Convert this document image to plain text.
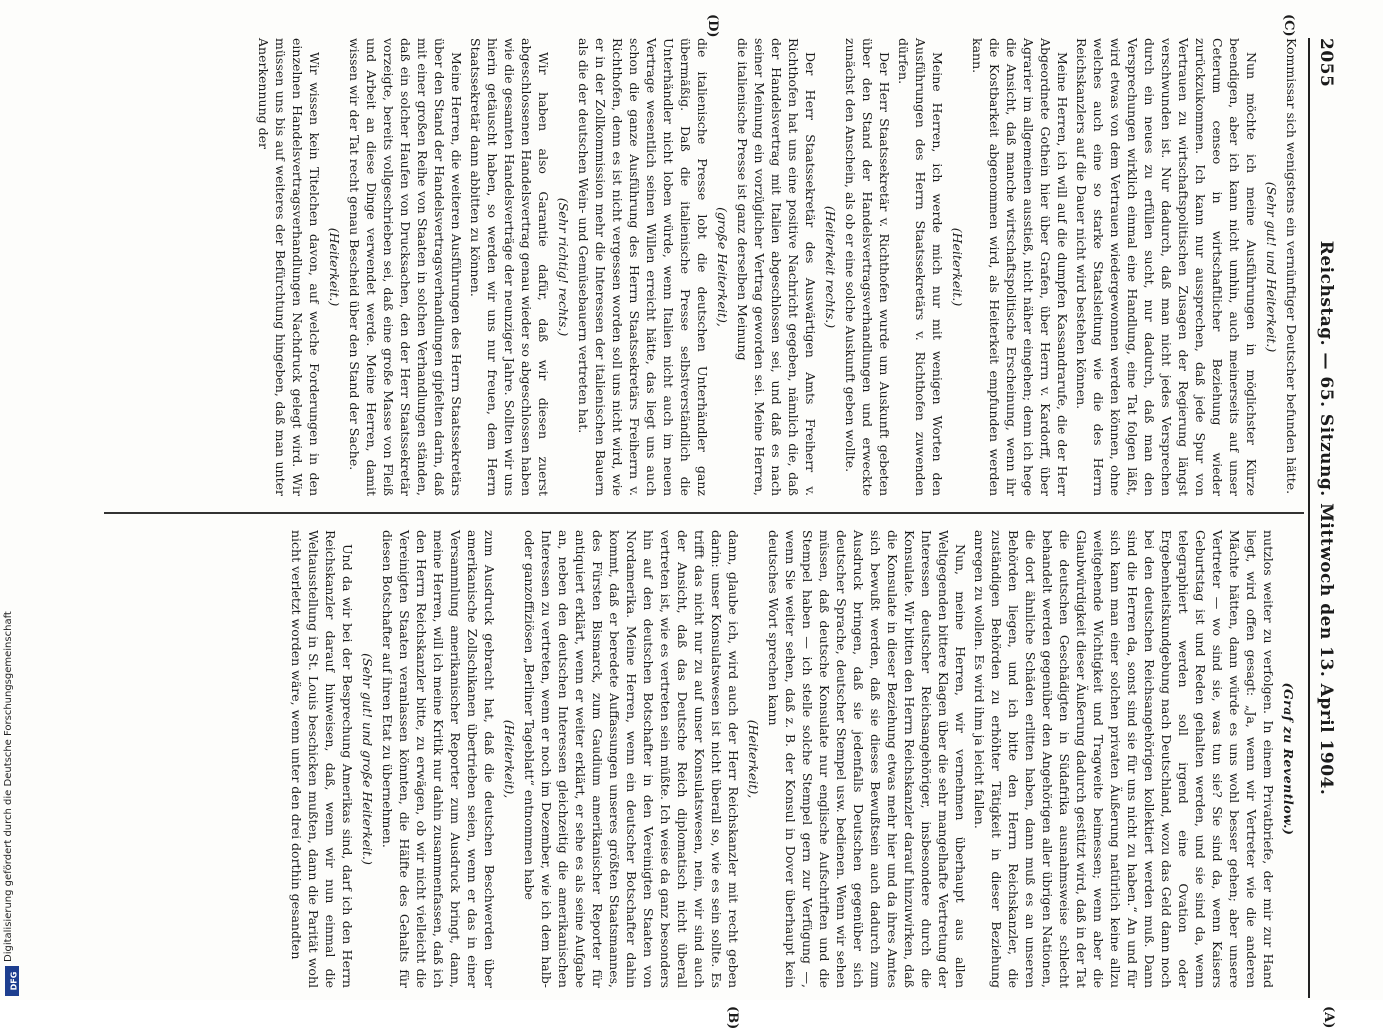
Digitalisierung gefördert durch die Deutsche Forschungsgemeinschaft
DFG
2055
Reichstag. — 65. Sitzung. Mittwoch den 13. April 1904.
(C)
(D)
(A)
(B)

Kommissar sich wenigstens ein vernünftiger Deutscher befunden hätte.

(Sehr gut! und Heiterkeit.)

Nun möchte ich meine Ausführungen in möglichster Kürze beendigen, aber ich kann nicht umhin, auch meinerseits auf unser Ceterum censeo in wirtschaftlicher Beziehung wieder zurückzukommen. Ich kann nur aussprechen, daß jede Spur von Vertrauen zu wirtschaftspolitischen Zusagen der Regierung längst verschwunden ist. Nur dadurch, daß man nicht jedes Versprechen durch ein neues zu erfüllen sucht, nur dadurch, daß man den Versprechungen wirklich einmal eine Handlung, eine Tat folgen läßt, wird etwas von dem Vertrauen wiedergewonnen werden können, ohne welches auch eine so starke Staatsleitung wie die des Herrn Reichskanzlers auf die Dauer nicht wird bestehen können.

Meine Herren, ich will auf die dumpfen Kassandrarufe, die der Herr Abgeordnete Gothein hier über Grafen, über Herrn v. Kardorff, über Agrarier im allgemeinen ausstieß, nicht näher eingehen; denn ich hege die Ansicht, daß manche wirtschaftspolitische Erscheinung, wenn ihr die Kostbarkeit abgenommen wird, als Heiterkeit empfunden werden kann.

(Heiterkeit.)

Meine Herren, ich werde mich nur mit wenigen Worten den Ausführungen des Herrn Staatssekretärs v. Richthofen zuwenden dürfen.

Der Herr Staatssekretär v. Richthofen wurde um Auskunft gebeten über den Stand der Handelsvertragsverhandlungen und erweckte zunächst den Anschein, als ob er eine solche Auskunft geben wollte.

(Heiterkeit rechts.)

Der Herr Staatssekretär des Auswärtigen Amts Freiherr v. Richthofen hat uns eine positive Nachricht gegeben, nämlich die, daß der Handelsvertrag mit Italien abgeschlossen sei, und daß es nach seiner Meinung ein vorzüglicher Vertrag geworden sei. Meine Herren, die italienische Presse ist ganz derselben Meinung

(große Heiterkeit),

die italienische Presse lobt die deutschen Unterhändler ganz übermäßig. Daß die italienische Presse selbstverständlich die Unterhändler nicht loben würde, wenn Italien nicht auch im neuen Vertrage wesentlich seinen Willen erreicht hätte, das liegt uns auch schon die ganze Ausführung des Herrn Staatssekretärs Freiherrn v. Richthofen, denn es ist nicht vergessen worden soll uns nicht wird, wie er in der Zollkommission mehr die Interessen der italienischen Bauern als die der deutschen Wein- und Gemüsebauern vertreten hat.

(Sehr richtig! rechts.)

Wir haben also Garantie dafür, daß wir diesen zuerst abgeschlossenen Handelsvertrag genau wieder so abgeschlossen haben wie die gesamten Handelsverträge der neunziger Jahre. Sollten wir uns hierin getäuscht haben, so werden wir uns nur freuen, dem Herrn Staatssekretär dann abbitten zu können.

Meine Herren, die weiteren Ausführungen des Herrn Staatssekretärs über den Stand der Handelsvertragsverhandlungen gipfelten darin, daß mit einer großen Reihe von Staaten in solchen Verhandlungen ständen, daß ein solcher Haufen von Drucksachen, den der Herr Staatssekretär vorzeigte, bereits vollgeschrieben sei, daß eine große Masse von Fleiß und Arbeit an diese Dinge verwendet werde. Meine Herren, damit wissen wir der Tat recht genau Bescheid über den Stand der Sache.

(Heiterkeit.)

Wir wissen kein Titelchen davon, auf welche Forderungen in den einzelnen Handelsvertragsverhandlungen Nachdruck gelegt wird. Wir müssen uns bis auf weiteres der Befürchtung hingeben, daß man unter Anerkennung der

(Graf zu Reventlow.)

nutzlos weiter zu verfolgen. In einem Privatbriefe, der mir zur Hand liegt, wird offen gesagt: „Ja, wenn wir Vertreter wie die anderen Mächte hätten, dann würde es uns wohl besser gehen; aber unsere Vertreter — wo sind sie, was tun sie? Sie sind da, wenn Kaisers Geburtstag ist und Reden gehalten werden, und sie sind da, wenn telegraphiert werden soll irgend eine Ovation oder Ergebenheitskundgebung nach Deutschland, wozu das Geld dann noch bei den deutschen Reichsangehörigen kollektiert werden muß. Dann sind die Herren da, sonst sind sie für uns nicht zu haben.“ An und für sich kann man einer solchen privaten Äußerung natürlich keine allzu weitgehende Wichtigkeit und Tragweite beimessen; wenn aber die Glaubwürdigkeit dieser Äußerung dadurch gestützt wird, daß in der Tat die deutschen Geschädigten in Südafrika ausnahmsweise schlecht behandelt werden gegenüber den Angehörigen aller übrigen Nationen, die dort ähnliche Schäden erlitten haben, dann muß es an unseren Behörden liegen, und ich bitte den Herrn Reichskanzler, die zuständigen Behörden zu erhöhter Tätigkeit in dieser Beziehung anregen zu wollen. Es wird ihm ja leicht fallen.

Nun, meine Herren, wir vernehmen überhaupt aus allen Weltgegenden bittere Klagen über die sehr mangelhafte Vertretung der Interessen deutscher Reichsangehöriger, insbesondere durch die Konsulate. Wir bitten den Herrn Reichskanzler darauf hinzuwirken, daß die Konsulate in dieser Beziehung etwas mehr hier und da ihres Amtes sich bewußt werden, daß sie dieses Bewußtsein auch dadurch zum Ausdruck bringen, daß sie jedenfalls Deutschen gegenüber sich deutscher Sprache, deutscher Stempel usw. bedienen. Wenn wir sehen müssen, daß deutsche Konsulate nur englische Aufschriften und die Stempel haben — ich stelle solche Stempel gern zur Verfügung —, wenn Sie weiter sehen, daß z. B. der Konsul in Dover überhaupt kein deutsches Wort sprechen kann

(Heiterkeit),

dann, glaube ich, wird auch der Herr Reichskanzler mit recht geben darin: unser Konsulatswesen ist nicht überall so, wie es sein sollte. Es trifft das nicht nur zu auf unser Konsulatswesen, nein, wir sind auch der Ansicht, daß das Deutsche Reich diplomatisch nicht überall vertreten ist, wie es vertreten sein müßte. Ich weise da ganz besonders hin auf den deutschen Botschafter in den Vereinigten Staaten von Nordamerika. Meine Herren, wenn ein deutscher Botschafter dahin kommt, daß er beredete Auffassungen unseres größten Staatsmannes, des Fürsten Bismarck, zum Gaudium amerikanischer Reporter für antiquiert erklärt, wenn er weiter erklärt, er sehe es als seine Aufgabe an, neben den deutschen Interessen gleichzeitig die amerikanischen Interessen zu vertreten, wenn er noch im Dezember, wie ich dem halb- oder ganzoffiziösen „Berliner Tageblatt“ entnommen habe

(Heiterkeit),

zum Ausdruck gebracht hat, daß die deutschen Beschwerden über amerikanische Zollschikanen übertrieben seien, wenn er das in einer Versammlung amerikanischer Reporter zum Ausdruck bringt, dann, meine Herren, will ich meine Kritik nur dahin zusammenfassen, daß ich den Herrn Reichskanzler bitte, zu erwägen, ob wir nicht vielleicht die Vereinigten Staaten veranlassen könnten, die Hälfte des Gehalts für diesen Botschafter auf ihren Etat zu übernehmen.

(Sehr gut! und große Heiterkeit.)

Und da wir bei der Besprechung Amerikas sind, darf ich den Herrn Reichskanzler darauf hinweisen, daß, wenn wir nun einmal die Weltausstellung in St. Louis beschicken mußten, dann die Parität wohl nicht verletzt worden wäre, wenn unter den drei dorthin gesandten
